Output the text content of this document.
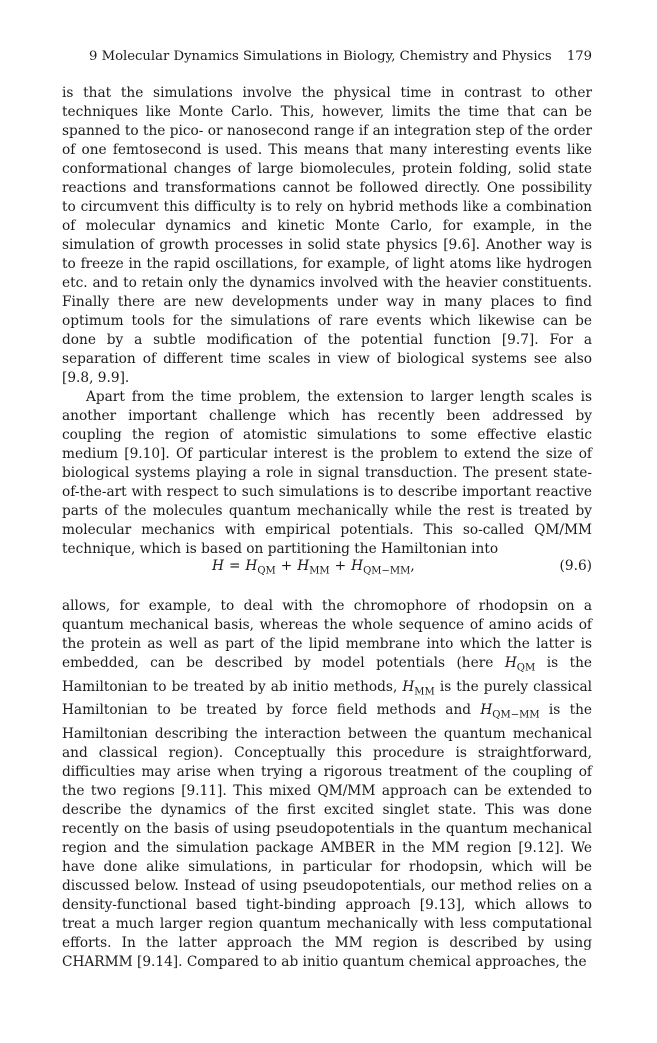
9 Molecular Dynamics Simulations in Biology, Chemistry and Physics 179

is that the simulations involve the physical time in contrast to other techniques like Monte Carlo. This, however, limits the time that can be spanned to the pico- or nanosecond range if an integration step of the order of one femtosecond is used. This means that many interesting events like conformational changes of large biomolecules, protein folding, solid state reactions and transformations cannot be followed directly. One possibility to circumvent this difficulty is to rely on hybrid methods like a combination of molecular dynamics and kinetic Monte Carlo, for example, in the simulation of growth processes in solid state physics [9.6]. Another way is to freeze in the rapid oscillations, for example, of light atoms like hydrogen etc. and to retain only the dynamics involved with the heavier constituents. Finally there are new developments under way in many places to find optimum tools for the simulations of rare events which likewise can be done by a subtle modification of the potential function [9.7]. For a separation of different time scales in view of biological systems see also [9.8, 9.9].

Apart from the time problem, the extension to larger length scales is another important challenge which has recently been addressed by coupling the region of atomistic simulations to some effective elastic medium [9.10]. Of particular interest is the problem to extend the size of biological systems playing a role in signal transduction. The present state-of-the-art with respect to such simulations is to describe important reactive parts of the molecules quantum mechanically while the rest is treated by molecular mechanics with empirical potentials. This so-called QM/MM technique, which is based on partitioning the Hamiltonian into

$H = H_{QM} + H_{MM} + H_{QM-MM}$,	(9.6)

allows, for example, to deal with the chromophore of rhodopsin on a quantum mechanical basis, whereas the whole sequence of amino acids of the protein as well as part of the lipid membrane into which the latter is embedded, can be described by model potentials (here $H_{QM}$ is the Hamiltonian to be treated by ab initio methods, $H_{MM}$ is the purely classical Hamiltonian to be treated by force field methods and $H_{QM-MM}$ is the Hamiltonian describing the interaction between the quantum mechanical and classical region). Conceptually this procedure is straightforward, difficulties may arise when trying a rigorous treatment of the coupling of the two regions [9.11]. This mixed QM/MM approach can be extended to describe the dynamics of the first excited singlet state. This was done recently on the basis of using pseudopotentials in the quantum mechanical region and the simulation package AMBER in the MM region [9.12]. We have done alike simulations, in particular for rhodopsin, which will be discussed below. Instead of using pseudopotentials, our method relies on a density-functional based tight-binding approach [9.13], which allows to treat a much larger region quantum mechanically with less computational efforts. In the latter approach the MM region is described by using CHARMM [9.14]. Compared to ab initio quantum chemical approaches, the
